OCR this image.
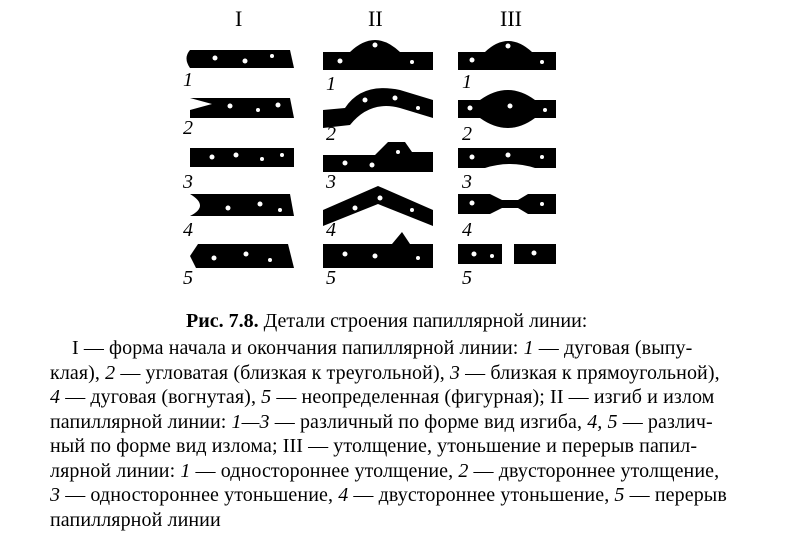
I	II	III
1
2
3
4
5
1
2
3
4
5
1
2
3
4
5
Рис. 7.8. Детали строения папиллярной линии:
I — форма начала и окончания папиллярной линии: 1 — дуговая (выпу-
клая), 2 — угловатая (близкая к треугольной), 3 — близкая к прямоугольной),
4 — дуговая (вогнутая), 5 — неопределенная (фигурная); II — изгиб и излом
папиллярной линии: 1—3 — различный по форме вид изгиба, 4, 5 — различ-
ный по форме вид излома; III — утолщение, утоньшение и перерыв папил-
лярной линии: 1 — одностороннее утолщение, 2 — двустороннее утолщение,
3 — одностороннее утоньшение, 4 — двустороннее утоньшение, 5 — перерыв
папиллярной линии
